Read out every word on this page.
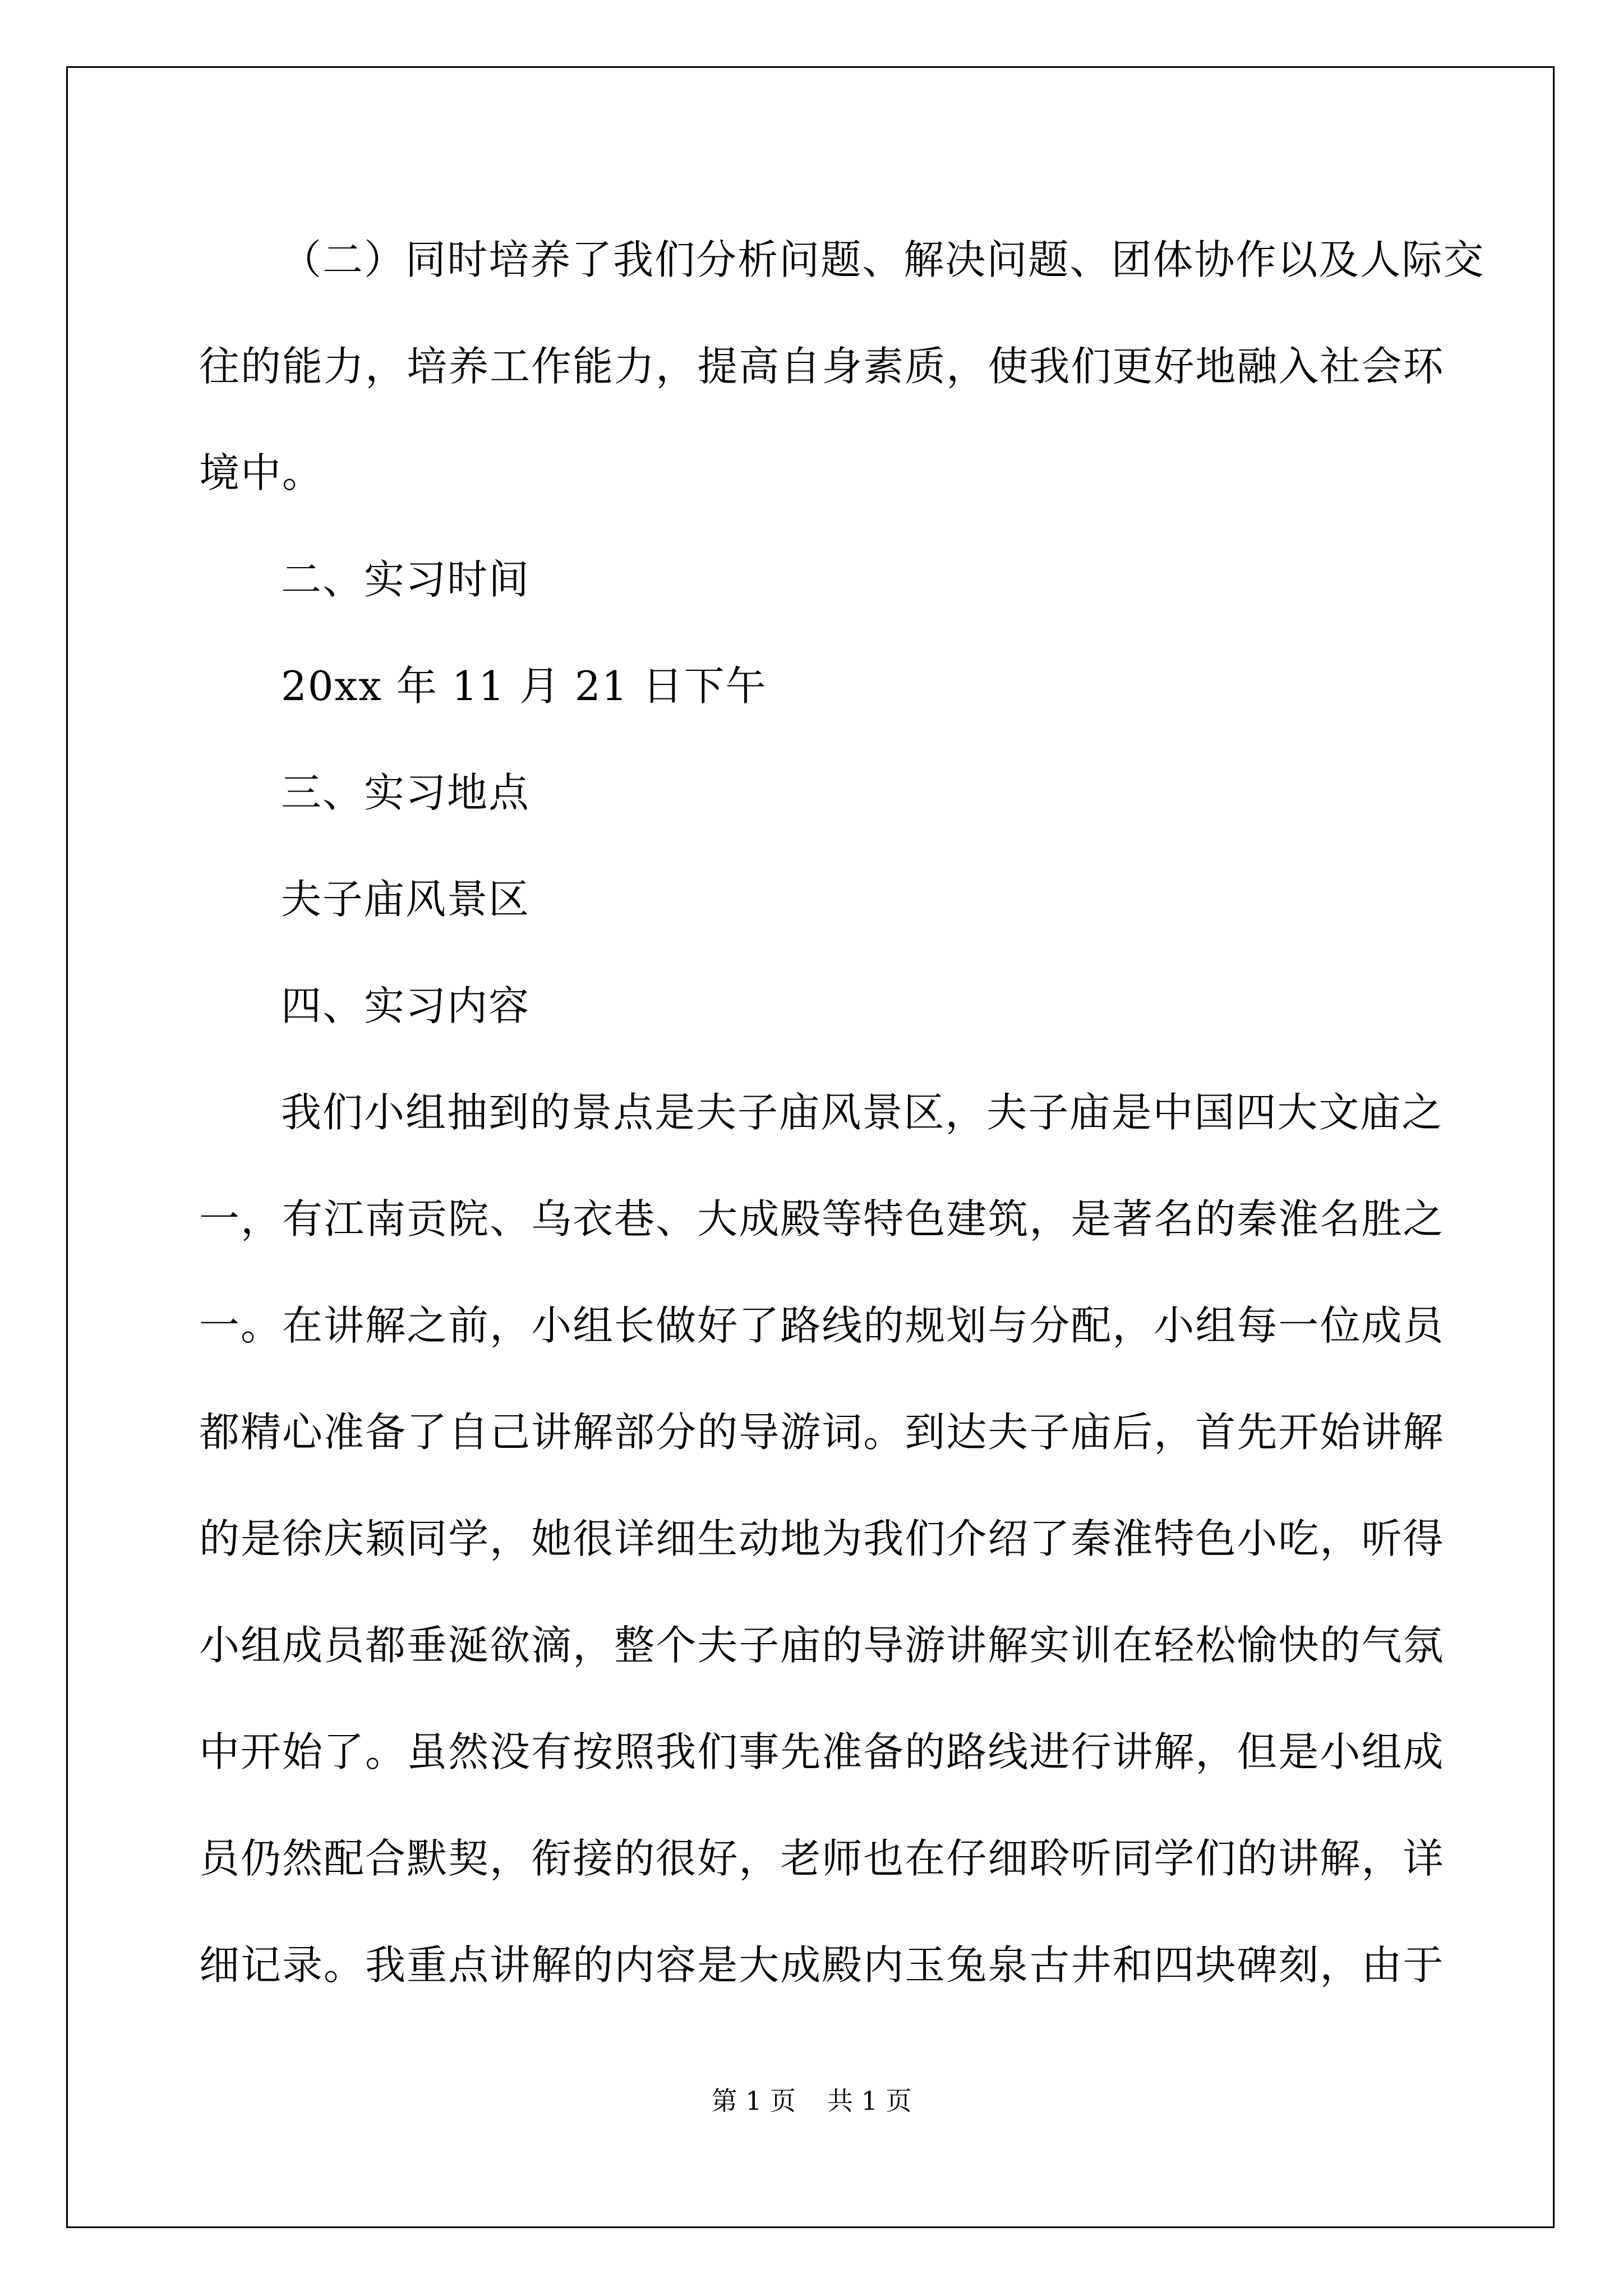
（ 二 ） 同 时 培 养 了 我 们 分 析 问 题 、 解 决 问 题 、 团 体 协 作 以 及 人 际 交
往 的 能 力 ， 培 养 工 作 能 力 ， 提 高 自 身 素 质 ， 使 我 们 更 好 地 融 入 社 会 环
境中。
二、实习时间
20xx 年 11 月 21 日下午
三、实习地点
夫子庙风景区
四、实习内容
我 们 小 组 抽 到 的 景 点 是 夫 子 庙 风 景 区 ， 夫 子 庙 是 中 国 四 大 文 庙 之
一 ， 有 江 南 贡 院 、 乌 衣 巷 、 大 成 殿 等 特 色 建 筑 ， 是 著 名 的 秦 淮 名 胜 之
一 。 在 讲 解 之 前 ， 小 组 长 做 好 了 路 线 的 规 划 与 分 配 ， 小 组 每 一 位 成 员
都 精 心 准 备 了 自 己 讲 解 部 分 的 导 游 词 。 到 达 夫 子 庙 后 ， 首 先 开 始 讲 解
的 是 徐 庆 颖 同 学 ， 她 很 详 细 生 动 地 为 我 们 介 绍 了 秦 淮 特 色 小 吃 ， 听 得
小 组 成 员 都 垂 涎 欲 滴 ， 整 个 夫 子 庙 的 导 游 讲 解 实 训 在 轻 松 愉 快 的 气 氛
中 开 始 了 。 虽 然 没 有 按 照 我 们 事 先 准 备 的 路 线 进 行 讲 解 ， 但 是 小 组 成
员 仍 然 配 合 默 契 ， 衔 接 的 很 好 ， 老 师 也 在 仔 细 聆 听 同 学 们 的 讲 解 ， 详
细 记 录 。 我 重 点 讲 解 的 内 容 是 大 成 殿 内 玉 兔 泉 古 井 和 四 块 碑 刻 ， 由 于
第 1 页 共 1 页
